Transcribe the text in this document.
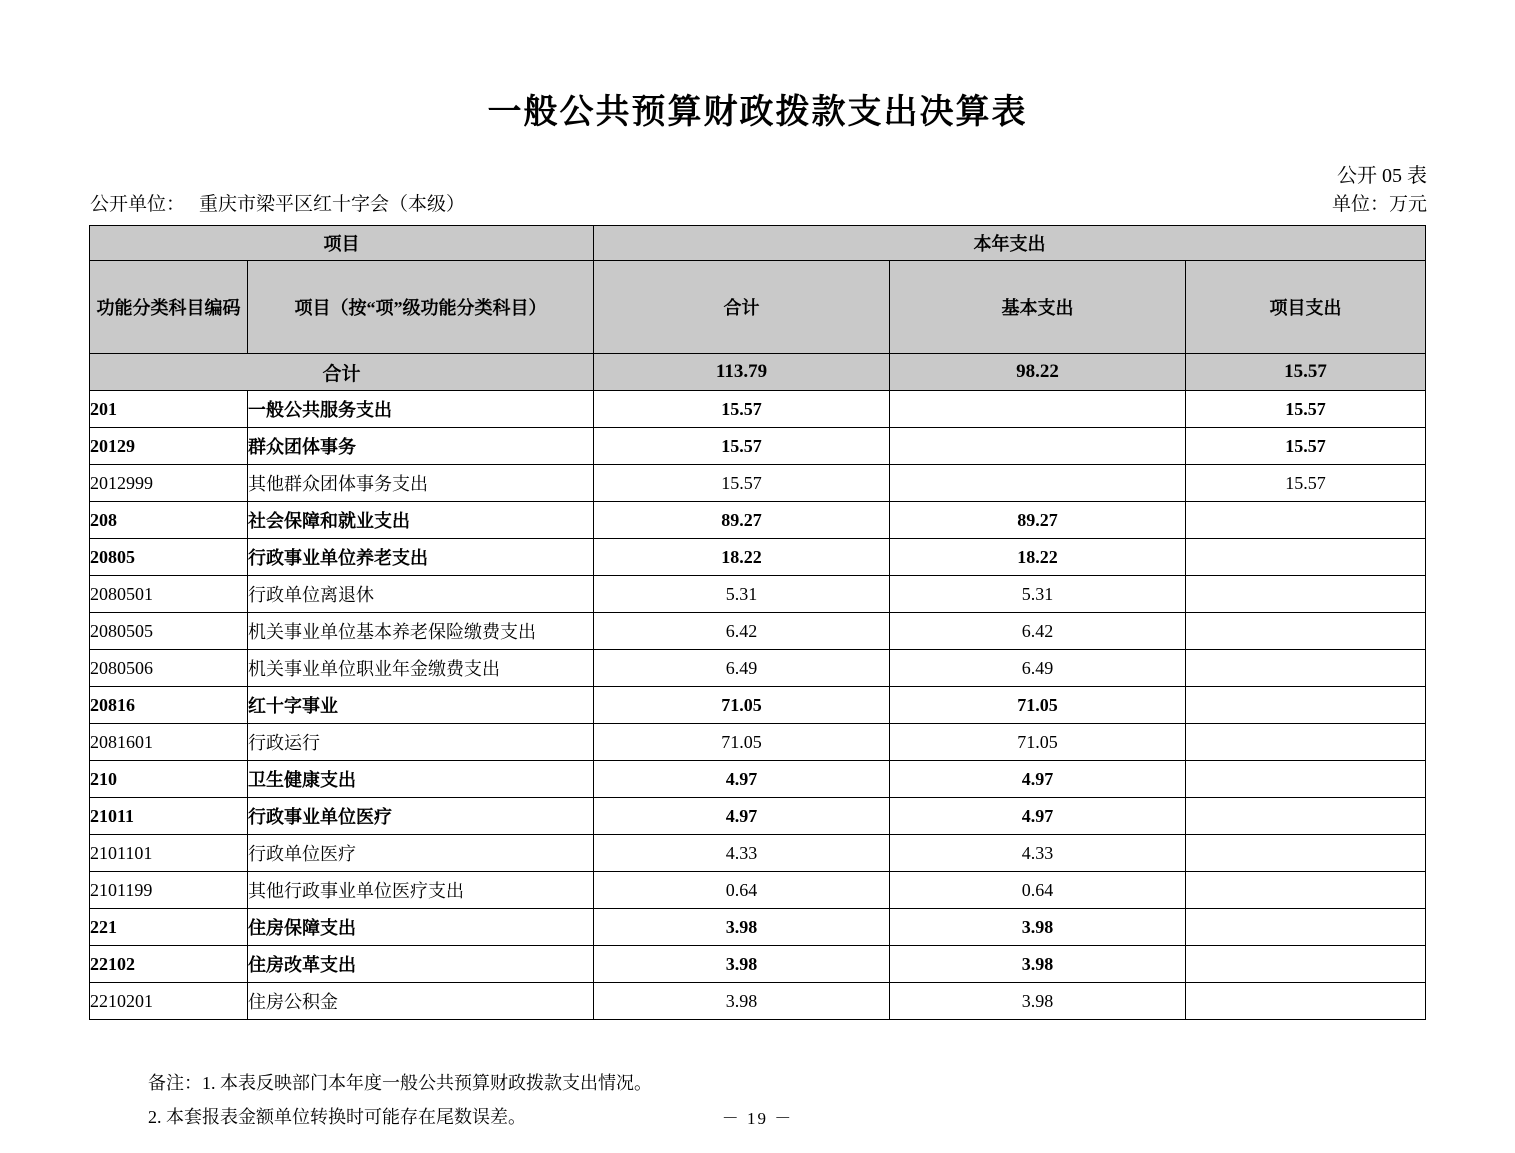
一般公共预算财政拨款支出决算表
公开 05 表
公开单位： 重庆市梁平区红十字会（本级）	单位：万元
项目		本年支出		
功能分类科目编码	项目（按“项”级功能分类科目）	合计	基本支出	项目支出
合计		113.79	98.22	15.57
201	一般公共服务支出	15.57		15.57
20129	群众团体事务	15.57		15.57
2012999	其他群众团体事务支出	15.57		15.57
208	社会保障和就业支出	89.27	89.27	
20805	行政事业单位养老支出	18.22	18.22	
2080501	行政单位离退休	5.31	5.31	
2080505	机关事业单位基本养老保险缴费支出	6.42	6.42	
2080506	机关事业单位职业年金缴费支出	6.49	6.49	
20816	红十字事业	71.05	71.05	
2081601	行政运行	71.05	71.05	
210	卫生健康支出	4.97	4.97	
21011	行政事业单位医疗	4.97	4.97	
2101101	行政单位医疗	4.33	4.33	
2101199	其他行政事业单位医疗支出	0.64	0.64	
221	住房保障支出	3.98	3.98	
22102	住房改革支出	3.98	3.98	
2210201	住房公积金	3.98	3.98	
备注：1. 本表反映部门本年度一般公共预算财政拨款支出情况。
2. 本套报表金额单位转换时可能存在尾数误差。	－ 19 －
